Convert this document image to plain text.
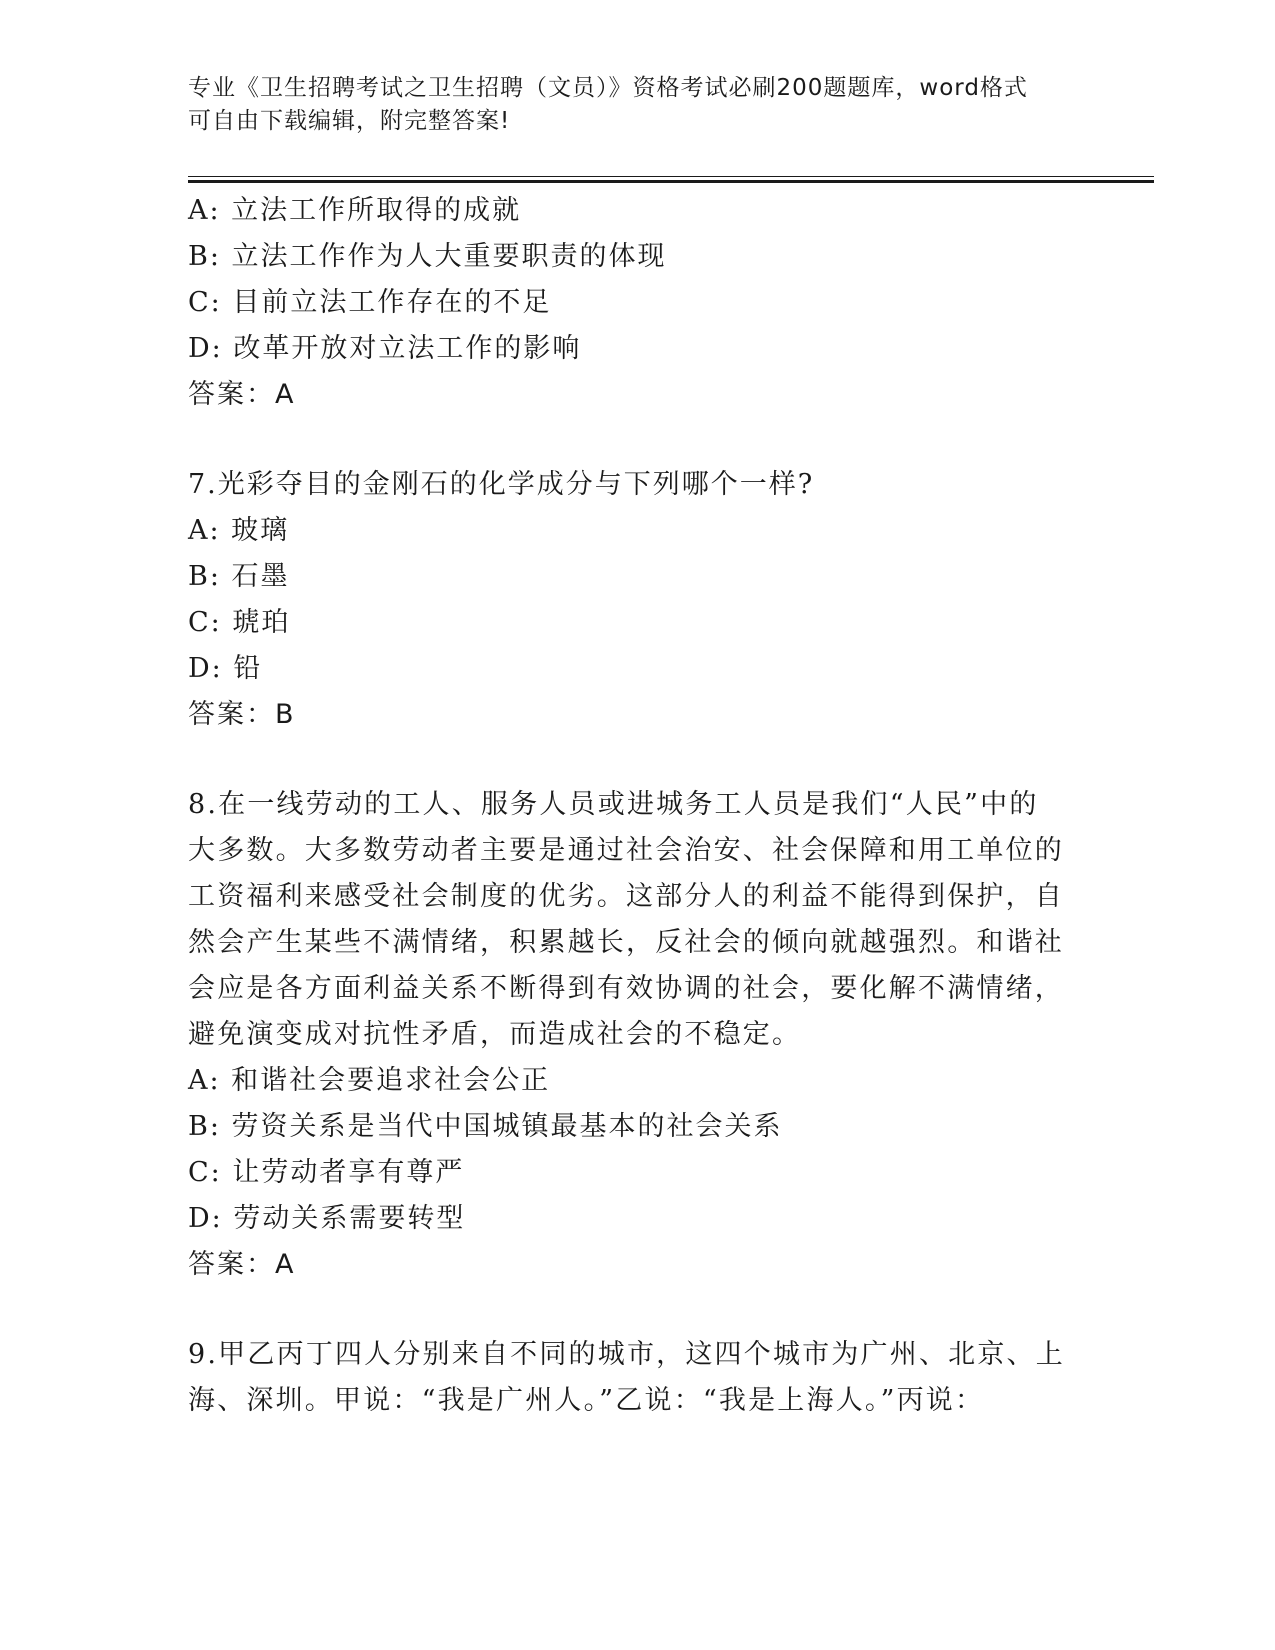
专业《卫生招聘考试之卫生招聘（文员）》资格考试必刷200题题库，word格式
可自由下载编辑，附完整答案!
A: 立法工作所取得的成就
B: 立法工作作为人大重要职责的体现
C: 目前立法工作存在的不足
D: 改革开放对立法工作的影响
答案：A
7.光彩夺目的金刚石的化学成分与下列哪个一样?
A: 玻璃
B: 石墨
C: 琥珀
D: 铅
答案：B
8.在一线劳动的工人、服务人员或进城务工人员是我们“人民”中的
大多数。大多数劳动者主要是通过社会治安、社会保障和用工单位的
工资福利来感受社会制度的优劣。这部分人的利益不能得到保护，自
然会产生某些不满情绪，积累越长，反社会的倾向就越强烈。和谐社
会应是各方面利益关系不断得到有效协调的社会，要化解不满情绪，
避免演变成对抗性矛盾，而造成社会的不稳定。
A: 和谐社会要追求社会公正
B: 劳资关系是当代中国城镇最基本的社会关系
C: 让劳动者享有尊严
D: 劳动关系需要转型
答案：A
9.甲乙丙丁四人分别来自不同的城市，这四个城市为广州、北京、上
海、深圳。甲说：“我是广州人。”乙说：“我是上海人。”丙说：
